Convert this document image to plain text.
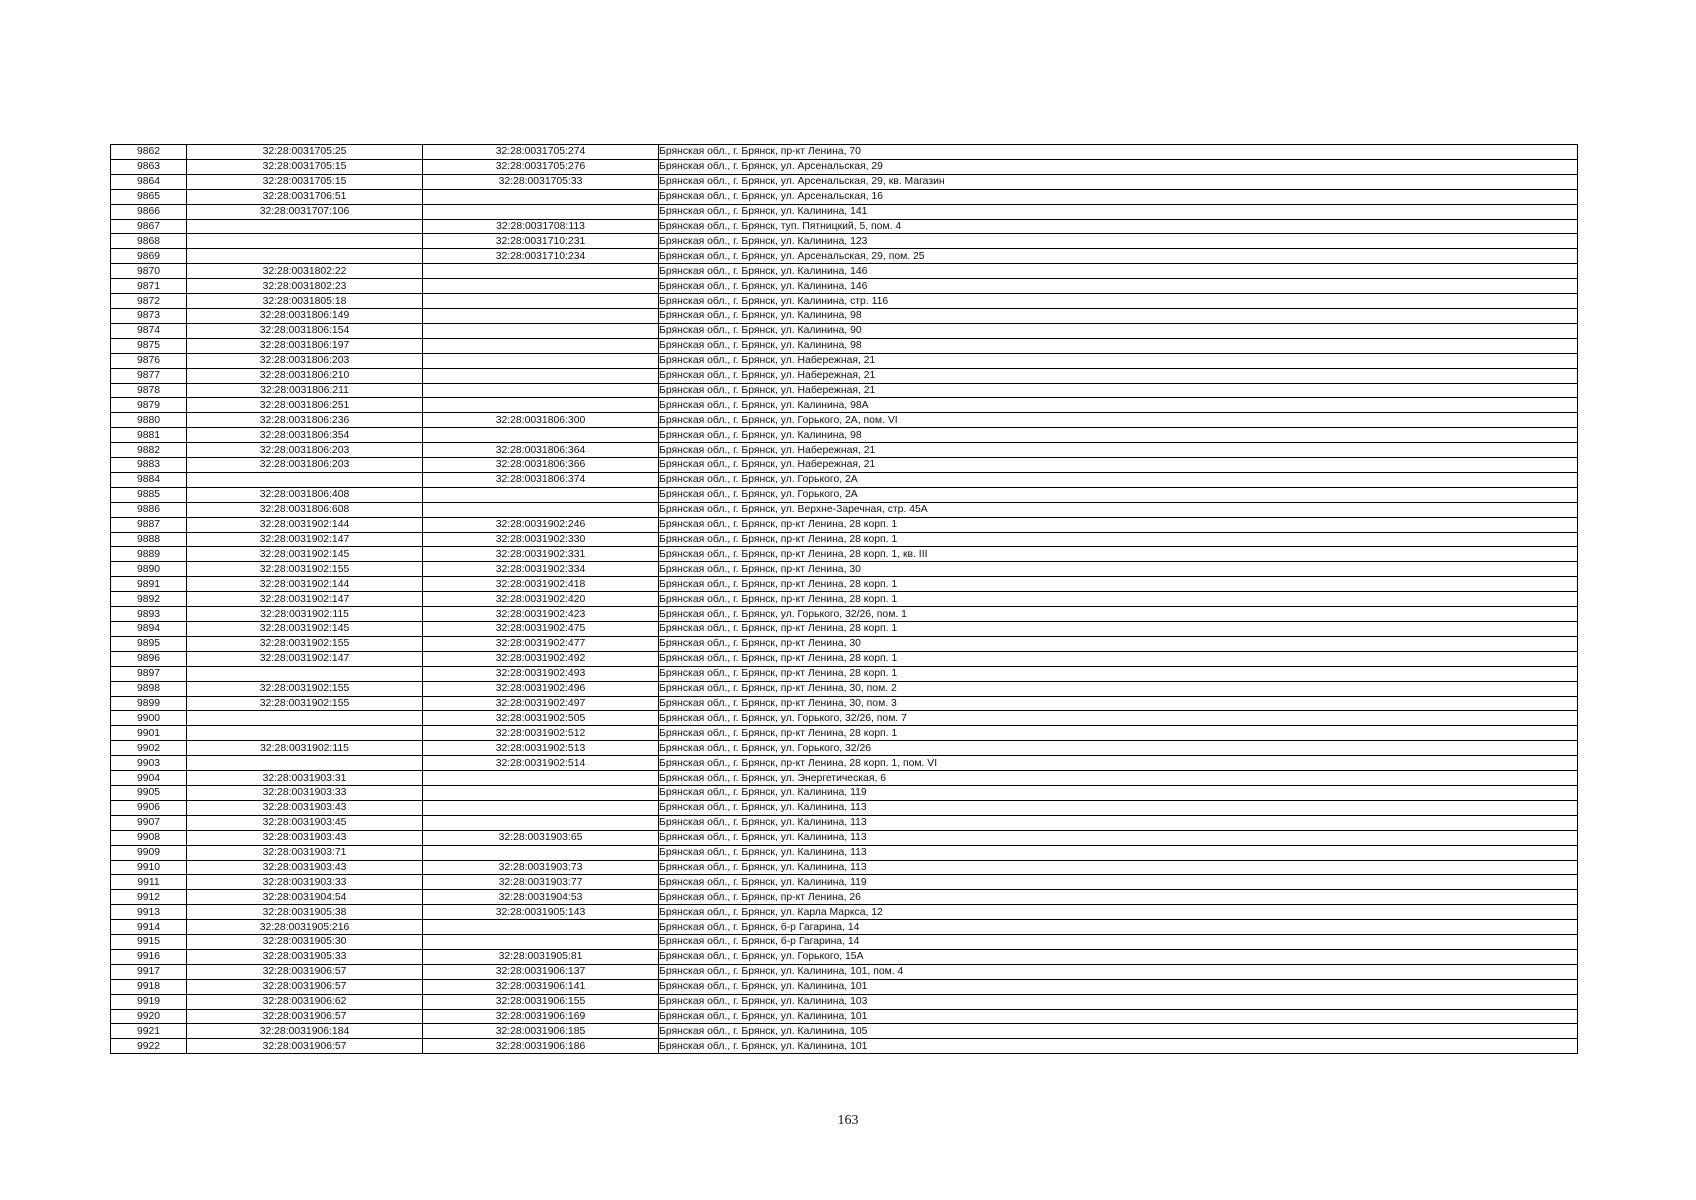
9862	32:28:0031705:25	32:28:0031705:274	Брянская обл., г. Брянск, пр-кт Ленина, 70
9863	32:28:0031705:15	32:28:0031705:276	Брянская обл., г. Брянск, ул. Арсенальская, 29
9864	32:28:0031705:15	32:28:0031705:33	Брянская обл., г. Брянск, ул. Арсенальская, 29, кв. Магазин
9865	32:28:0031706:51		Брянская обл., г. Брянск, ул. Арсенальская, 16
9866	32:28:0031707:106		Брянская обл., г. Брянск, ул. Калинина, 141
9867		32:28:0031708:113	Брянская обл., г. Брянск, туп. Пятницкий, 5, пом. 4
9868		32:28:0031710:231	Брянская обл., г. Брянск, ул. Калинина, 123
9869		32:28:0031710:234	Брянская обл., г. Брянск, ул. Арсенальская, 29, пом. 25
9870	32:28:0031802:22		Брянская обл., г. Брянск, ул. Калинина, 146
9871	32:28:0031802:23		Брянская обл., г. Брянск, ул. Калинина, 146
9872	32:28:0031805:18		Брянская обл., г. Брянск, ул. Калинина, стр. 116
9873	32:28:0031806:149		Брянская обл., г. Брянск, ул. Калинина, 98
9874	32:28:0031806:154		Брянская обл., г. Брянск, ул. Калинина, 90
9875	32:28:0031806:197		Брянская обл., г. Брянск, ул. Калинина, 98
9876	32:28:0031806:203		Брянская обл., г. Брянск, ул. Набережная, 21
9877	32:28:0031806:210		Брянская обл., г. Брянск, ул. Набережная, 21
9878	32:28:0031806:211		Брянская обл., г. Брянск, ул. Набережная, 21
9879	32:28:0031806:251		Брянская обл., г. Брянск, ул. Калинина, 98А
9880	32:28:0031806:236	32:28:0031806:300	Брянская обл., г. Брянск, ул. Горького, 2А, пом. VI
9881	32:28:0031806:354		Брянская обл., г. Брянск, ул. Калинина, 98
9882	32:28:0031806:203	32:28:0031806:364	Брянская обл., г. Брянск, ул. Набережная, 21
9883	32:28:0031806:203	32:28:0031806:366	Брянская обл., г. Брянск, ул. Набережная, 21
9884		32:28:0031806:374	Брянская обл., г. Брянск, ул. Горького, 2А
9885	32:28:0031806:408		Брянская обл., г. Брянск, ул. Горького, 2А
9886	32:28:0031806:608		Брянская обл., г. Брянск, ул. Верхне-Заречная, стр. 45А
9887	32:28:0031902:144	32:28:0031902:246	Брянская обл., г. Брянск, пр-кт Ленина, 28 корп. 1
9888	32:28:0031902:147	32:28:0031902:330	Брянская обл., г. Брянск, пр-кт Ленина, 28 корп. 1
9889	32:28:0031902:145	32:28:0031902:331	Брянская обл., г. Брянск, пр-кт Ленина, 28 корп. 1, кв. III
9890	32:28:0031902:155	32:28:0031902:334	Брянская обл., г. Брянск, пр-кт Ленина, 30
9891	32:28:0031902:144	32:28:0031902:418	Брянская обл., г. Брянск, пр-кт Ленина, 28 корп. 1
9892	32:28:0031902:147	32:28:0031902:420	Брянская обл., г. Брянск, пр-кт Ленина, 28 корп. 1
9893	32:28:0031902:115	32:28:0031902:423	Брянская обл., г. Брянск, ул. Горького, 32/26, пом. 1
9894	32:28:0031902:145	32:28:0031902:475	Брянская обл., г. Брянск, пр-кт Ленина, 28 корп. 1
9895	32:28:0031902:155	32:28:0031902:477	Брянская обл., г. Брянск, пр-кт Ленина, 30
9896	32:28:0031902:147	32:28:0031902:492	Брянская обл., г. Брянск, пр-кт Ленина, 28 корп. 1
9897		32:28:0031902:493	Брянская обл., г. Брянск, пр-кт Ленина, 28 корп. 1
9898	32:28:0031902:155	32:28:0031902:496	Брянская обл., г. Брянск, пр-кт Ленина, 30, пом. 2
9899	32:28:0031902:155	32:28:0031902:497	Брянская обл., г. Брянск, пр-кт Ленина, 30, пом. 3
9900		32:28:0031902:505	Брянская обл., г. Брянск, ул. Горького, 32/26, пом. 7
9901		32:28:0031902:512	Брянская обл., г. Брянск, пр-кт Ленина, 28 корп. 1
9902	32:28:0031902:115	32:28:0031902:513	Брянская обл., г. Брянск, ул. Горького, 32/26
9903		32:28:0031902:514	Брянская обл., г. Брянск, пр-кт Ленина, 28 корп. 1, пом. VI
9904	32:28:0031903:31		Брянская обл., г. Брянск, ул. Энергетическая, 6
9905	32:28:0031903:33		Брянская обл., г. Брянск, ул. Калинина, 119
9906	32:28:0031903:43		Брянская обл., г. Брянск, ул. Калинина, 113
9907	32:28:0031903:45		Брянская обл., г. Брянск, ул. Калинина, 113
9908	32:28:0031903:43	32:28:0031903:65	Брянская обл., г. Брянск, ул. Калинина, 113
9909	32:28:0031903:71		Брянская обл., г. Брянск, ул. Калинина, 113
9910	32:28:0031903:43	32:28:0031903:73	Брянская обл., г. Брянск, ул. Калинина, 113
9911	32:28:0031903:33	32:28:0031903:77	Брянская обл., г. Брянск, ул. Калинина, 119
9912	32:28:0031904:54	32:28:0031904:53	Брянская обл., г. Брянск, пр-кт Ленина, 26
9913	32:28:0031905:38	32:28:0031905:143	Брянская обл., г. Брянск, ул. Карла Маркса, 12
9914	32:28:0031905:216		Брянская обл., г. Брянск, б-р Гагарина, 14
9915	32:28:0031905:30		Брянская обл., г. Брянск, б-р Гагарина, 14
9916	32:28:0031905:33	32:28:0031905:81	Брянская обл., г. Брянск, ул. Горького, 15А
9917	32:28:0031906:57	32:28:0031906:137	Брянская обл., г. Брянск, ул. Калинина, 101, пом. 4
9918	32:28:0031906:57	32:28:0031906:141	Брянская обл., г. Брянск, ул. Калинина, 101
9919	32:28:0031906:62	32:28:0031906:155	Брянская обл., г. Брянск, ул. Калинина, 103
9920	32:28:0031906:57	32:28:0031906:169	Брянская обл., г. Брянск, ул. Калинина, 101
9921	32:28:0031906:184	32:28:0031906:185	Брянская обл., г. Брянск, ул. Калинина, 105
9922	32:28:0031906:57	32:28:0031906:186	Брянская обл., г. Брянск, ул. Калинина, 101
163
